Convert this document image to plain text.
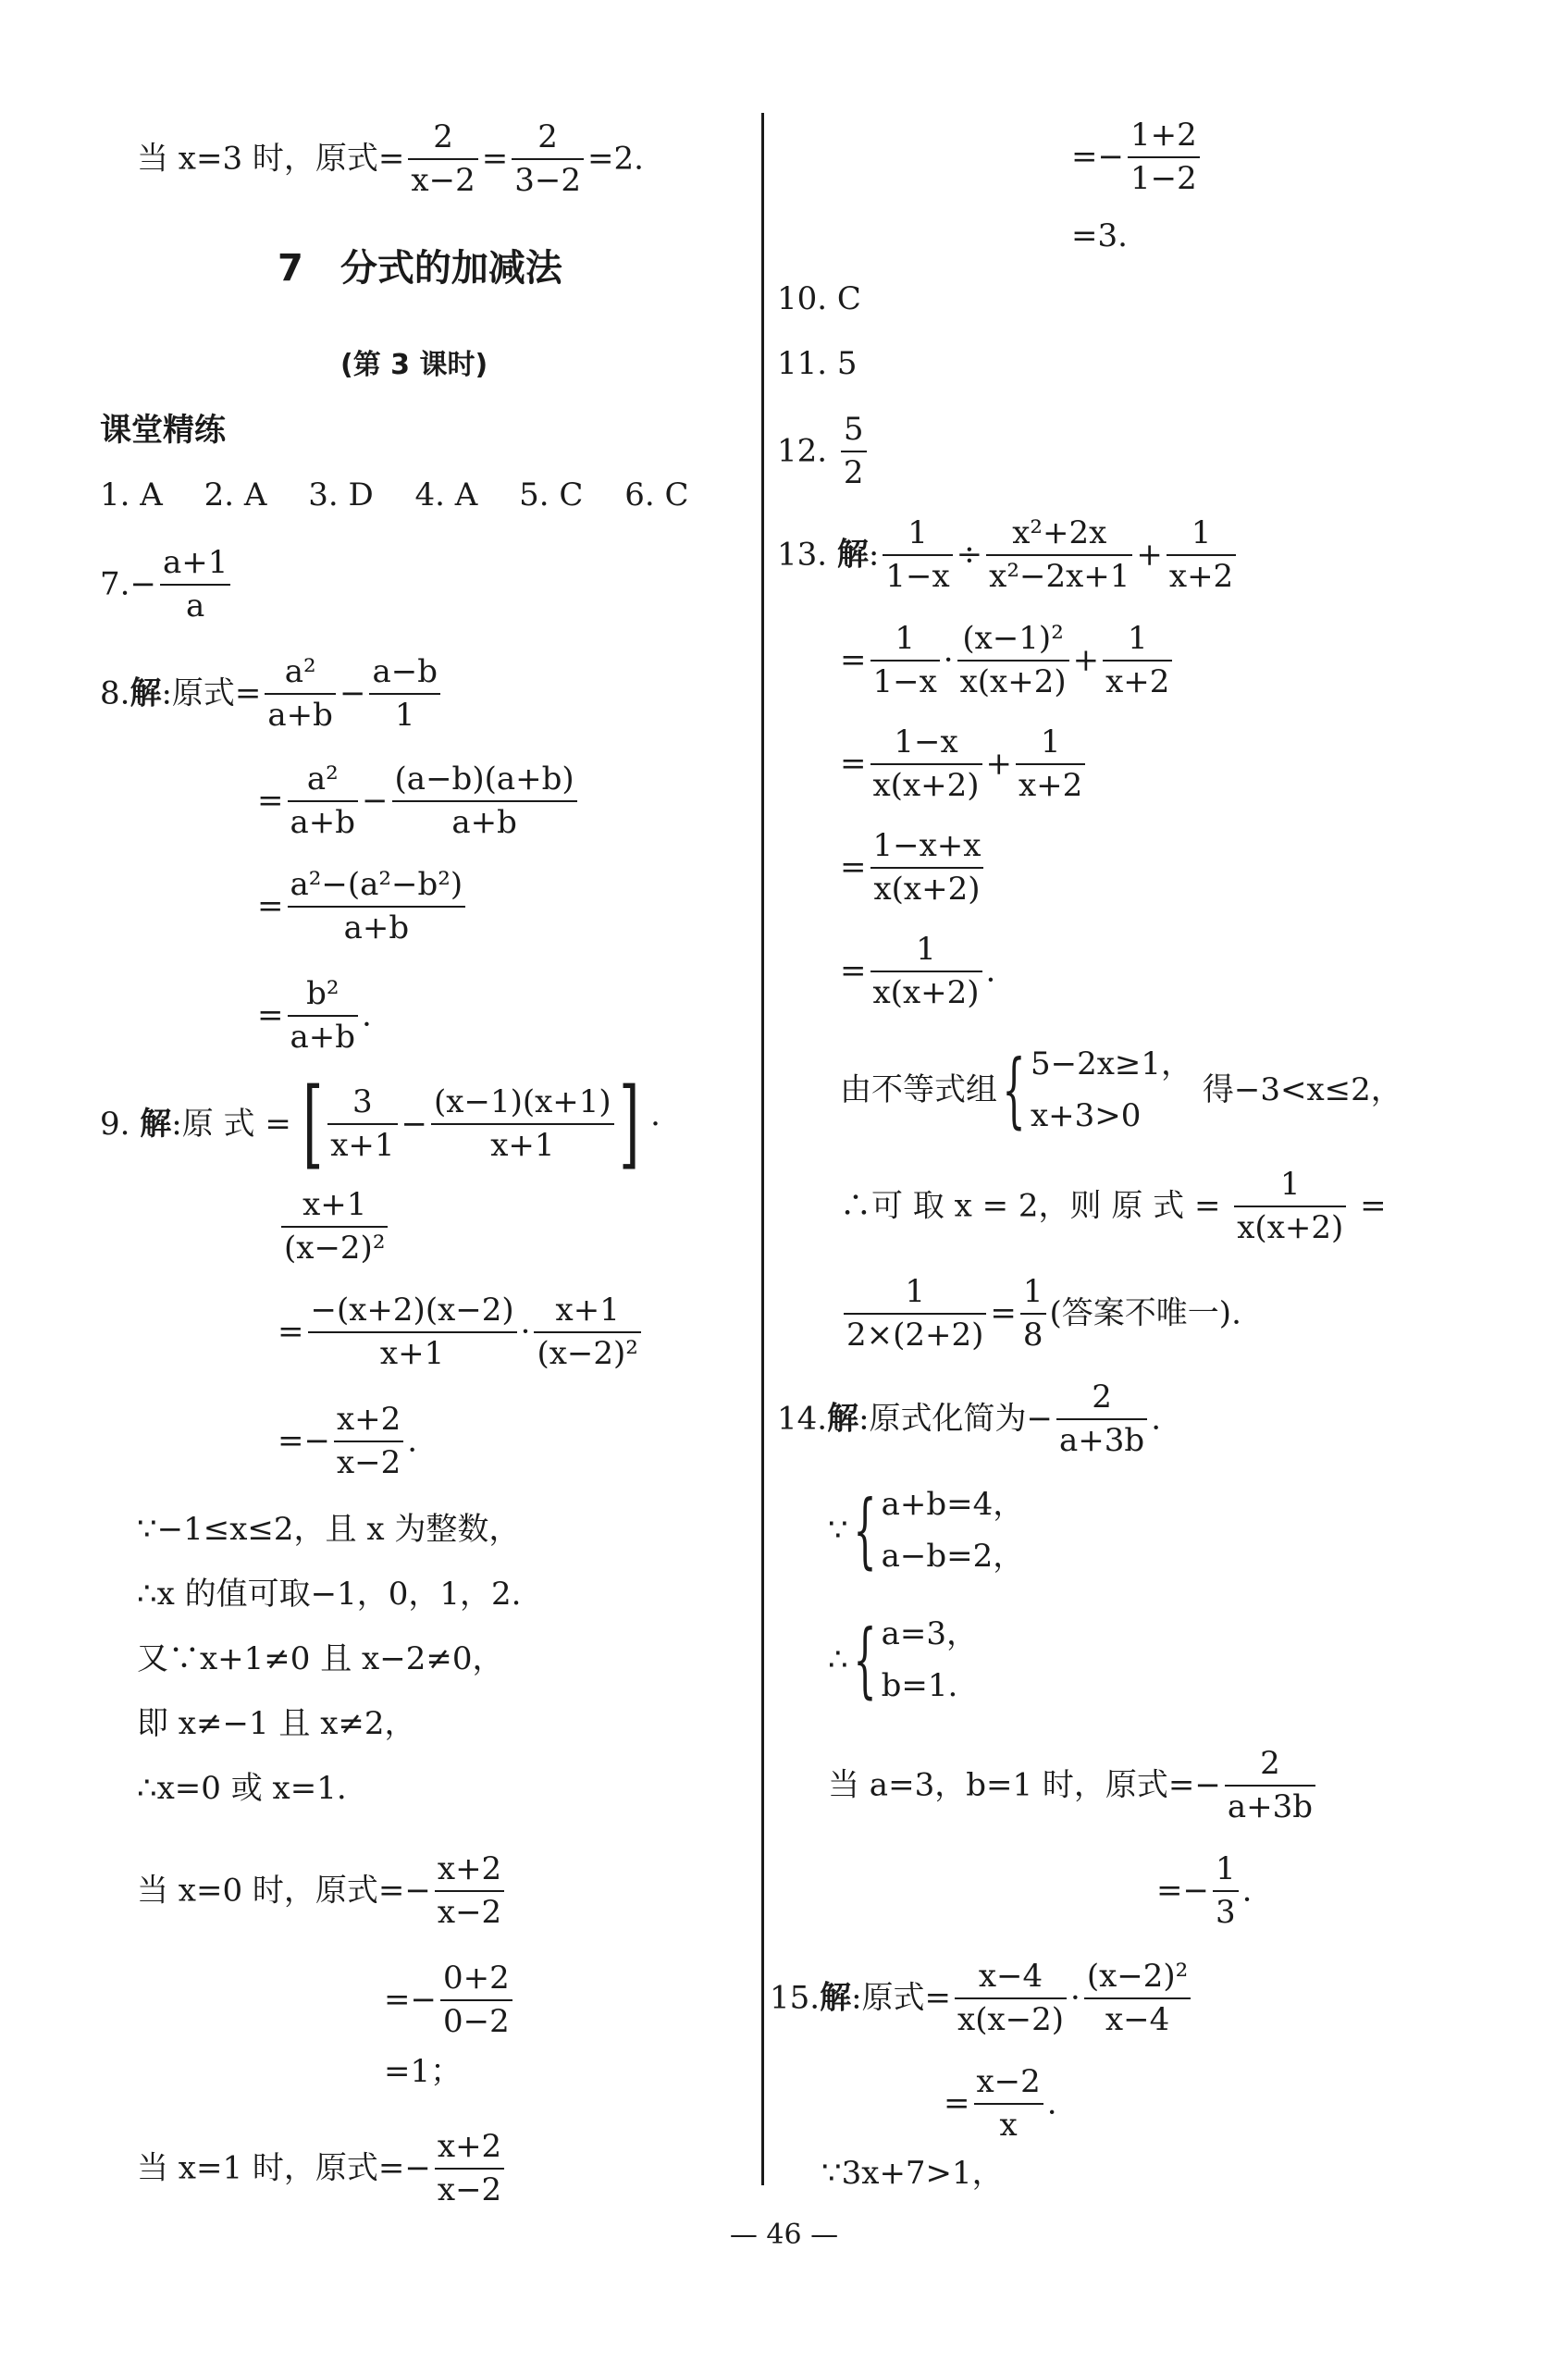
当 x=3 时，原式= $\frac{2}{x-2} = \frac{2}{3-2} =2$.
7　分式的加减法
(第 3 课时)
课堂精练
1. A　 2. A　 3. D　 4. A　 5. C　 6. C
$7.- \frac{a+1}{a}$
8.解:原式= $\frac{\text{a²}}{a+b} - \frac{a-b}{1}$
= $\frac{\text{a²}}{a+b} - \frac{(a-b)(a+b)}{a+b}$
= $\frac{\text{a²−(a²−b²)}}{a+b}$
= $\frac{\text{b²}}{a+b}$ .
9. 解:原 式 = [ $\frac{3}{x+1} - \frac{(x-1)(x+1)}{x+1}$ ] ·
$\frac{x+1}{\text{(x−2)²}}$
= $\frac{-(x+2)(x-2)}{x+1} \cdot \frac{x+1}{\text{(x−2)²}}$
=− $\frac{x+2}{x-2}$ .
∵−1≤x≤2，且 x 为整数，
∴x 的值可取−1，0，1，2.
又∵x+1≠0 且 x−2≠0，
即 x≠−1 且 x≠2，
∴x=0 或 x=1.
当 x=0 时，原式=− $\frac{x+2}{x-2}$
=− $\frac{0+2}{0-2}$
=1；
当 x=1 时，原式=− $\frac{x+2}{x-2}$
=− $\frac{1+2}{1-2}$
=3.
10. C
11. 5
12. $\frac{5}{2}$
13. 解: $\frac{1}{1-x} \div \frac{\text{x²+2x}}{\text{x²−2x+1}} + \frac{1}{x+2}$
= $\frac{1}{1-x} \cdot \frac{\text{(x−1)²}}{x(x+2)} + \frac{1}{x+2}$
= $\frac{1-x}{x(x+2)} + \frac{1}{x+2}$
= $\frac{1-x+x}{x(x+2)}$
= $\frac{1}{x(x+2)}$ .
由不等式组{ 5−2x≥1，
x+3>0
得−3<x≤2，
∴可 取 x = 2，则 原 式 = $\frac{1}{x(x+2)}$ =
$\frac{1}{2\times(2+2)} = \frac{1}{8}$ (答案不唯一).
14.解:原式化简为− $\frac{2}{a+3b}$ .
∵{ a+b=4，
a−b=2，
∴{ a=3，
b=1.
当 a=3，b=1 时，原式=− $\frac{2}{a+3b}$
=− $\frac{1}{3}$ .
15.解:原式= $\frac{x-4}{x(x-2)} \cdot \frac{\text{(x−2)²}}{x-4}$
= $\frac{x-2}{x}$ .
∵3x+7>1，
— 46 —
